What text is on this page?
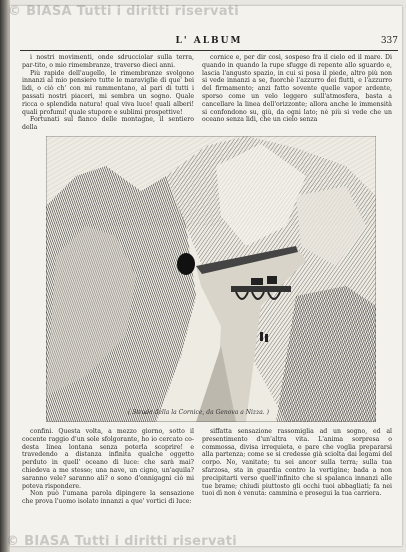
© BIASA Tutti i diritti riservati
L' ALBUM	337

i nostri movimenti, onde sdrucciolar sulla terra, par-tito, o mio rimembranze, traverso dieci anni.

Più rapide dell'augello, le rimembranze svolgono innanzi al mio pensiero tutte le maraviglie di que' bei lidi, o ciò ch' con mi rammentano, al pari di tutti i passati nostri piaceri, mi sembra un sogno. Quale ricca o splendida natura! qual viva luce! quali alberi! quali profumi! quale stupore e sublimi prospettive!

Fortunati sul fianco delle montagne, il sentiero della

cornice e, per dir così, sospeso fra il cielo ed il mare. Di quando in quando la rupe sfugge di repente allo sguardo e, lascia l'angusto spazio, in cui si posa il piede, altro più non si vede innanzi a se, fuorchè l'azzurro dei flutti, e l'azzurro del firmamento; anzi fatto sovente quelle vapor ardente, sporso come un velo leggero sull'atmosfera, basta a cancellare la linea dell'orizzonte; allora anche le immensità si confondono su, giù, da ogni lato; nè più si vede che un oceano senza lidi, che un cielo senza

( Strada della la Cornice, da Genova a Nizza. )

confini. Questa volta, a mezzo giorno, sotto il cocente raggio d'un sole sfolgorante, ho io cercato co-desta linea lontana senza poterla scoprire! e travedendo a distanza infinita qualche oggetto perduto in quell' oceano di luce: che sarà mai? chiedeva a me stesso; una nave, un cigno, un'aquila? saranno vele? saranno ali? o sono d'onnigagni ciò mi poteva rispondere.

Non può l'umana parola dipingere la sensazione che prova l'uomo isolato innanzi a que' vortici di luce:

siffatta sensazione rassomiglia ad un sogno, ed al presentimento d'un'altra vita. L'anima sorpresa o commossa, divisa irrequieta, e pare che voglia prepararsi alla partenza; come se si credesse già sciolta dai legami del corpo. No, vanitate; tu sei ancor sulla terra; sulla tua sfarzosa, sta in guardia contro la vertigine; bada a non precipitarti verso quell'infinito che si spalanca innanzi alle tue brame; chiudi piuttosto gli occhi tuoi abbagliati; fa nei tuoi dì non è venuta: cammina e prosegui la tua carriera.

© BIASA Tutti i diritti riservati
